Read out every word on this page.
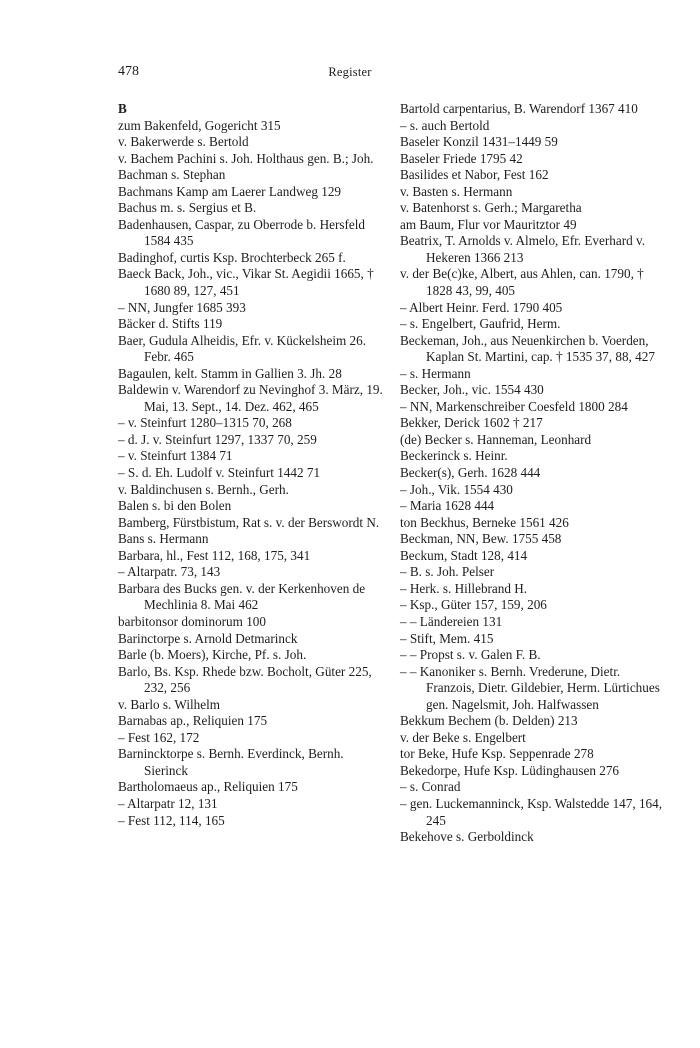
478	Register

B

zum Bakenfeld, Gogericht 315

v. Bakerwerde s. Bertold

v. Bachem Pachini s. Joh. Holthaus gen. B.; Joh.

Bachman s. Stephan

Bachmans Kamp am Laerer Landweg 129

Bachus m. s. Sergius et B.

Badenhausen, Caspar, zu Oberrode b. Hersfeld 1584 435

Badinghof, curtis Ksp. Brochterbeck 265 f.

Baeck Back, Joh., vic., Vikar St. Aegidii 1665, † 1680 89, 127, 451

– NN, Jungfer 1685 393

Bäcker d. Stifts 119

Baer, Gudula Alheidis, Efr. v. Kückelsheim 26. Febr. 465

Bagaulen, kelt. Stamm in Gallien 3. Jh. 28

Baldewin v. Warendorf zu Nevinghof 3. März, 19. Mai, 13. Sept., 14. Dez. 462, 465

– v. Steinfurt 1280–1315 70, 268

– d. J. v. Steinfurt 1297, 1337 70, 259

– v. Steinfurt 1384 71

– S. d. Eh. Ludolf v. Steinfurt 1442 71

v. Baldinchusen s. Bernh., Gerh.

Balen s. bi den Bolen

Bamberg, Fürstbistum, Rat s. v. der Berswordt N.

Bans s. Hermann

Barbara, hl., Fest 112, 168, 175, 341

– Altarpatr. 73, 143

Barbara des Bucks gen. v. der Kerkenhoven de Mechlinia 8. Mai 462

barbitonsor dominorum 100

Barinctorpe s. Arnold Detmarinck

Barle (b. Moers), Kirche, Pf. s. Joh.

Barlo, Bs. Ksp. Rhede bzw. Bocholt, Güter 225, 232, 256

v. Barlo s. Wilhelm

Barnabas ap., Reliquien 175

– Fest 162, 172

Barnincktorpe s. Bernh. Everdinck, Bernh. Sierinck

Bartholomaeus ap., Reliquien 175

– Altarpatr 12, 131

– Fest 112, 114, 165

Bartold carpentarius, B. Warendorf 1367 410

– s. auch Bertold

Baseler Konzil 1431–1449 59

Baseler Friede 1795 42

Basilides et Nabor, Fest 162

v. Basten s. Hermann

v. Batenhorst s. Gerh.; Margaretha

am Baum, Flur vor Mauritztor 49

Beatrix, T. Arnolds v. Almelo, Efr. Everhard v. Hekeren 1366 213

v. der Be(c)ke, Albert, aus Ahlen, can. 1790, † 1828 43, 99, 405

– Albert Heinr. Ferd. 1790 405

– s. Engelbert, Gaufrid, Herm.

Beckeman, Joh., aus Neuenkirchen b. Voerden, Kaplan St. Martini, cap. † 1535 37, 88, 427

– s. Hermann

Becker, Joh., vic. 1554 430

– NN, Markenschreiber Coesfeld 1800 284

Bekker, Derick 1602 † 217

(de) Becker s. Hanneman, Leonhard

Beckerinck s. Heinr.

Becker(s), Gerh. 1628 444

– Joh., Vik. 1554 430

– Maria 1628 444

ton Beckhus, Berneke 1561 426

Beckman, NN, Bew. 1755 458

Beckum, Stadt 128, 414

– B. s. Joh. Pelser

– Herk. s. Hillebrand H.

– Ksp., Güter 157, 159, 206

– – Ländereien 131

– Stift, Mem. 415

– – Propst s. v. Galen F. B.

– – Kanoniker s. Bernh. Vrederune, Dietr. Franzois, Dietr. Gildebier, Herm. Lürtichues gen. Nagelsmit, Joh. Halfwassen

Bekkum Bechem (b. Delden) 213

v. der Beke s. Engelbert

tor Beke, Hufe Ksp. Seppenrade 278

Bekedorpe, Hufe Ksp. Lüdinghausen 276

– s. Conrad

– gen. Luckemanninck, Ksp. Walstedde 147, 164, 245

Bekehove s. Gerboldinck
